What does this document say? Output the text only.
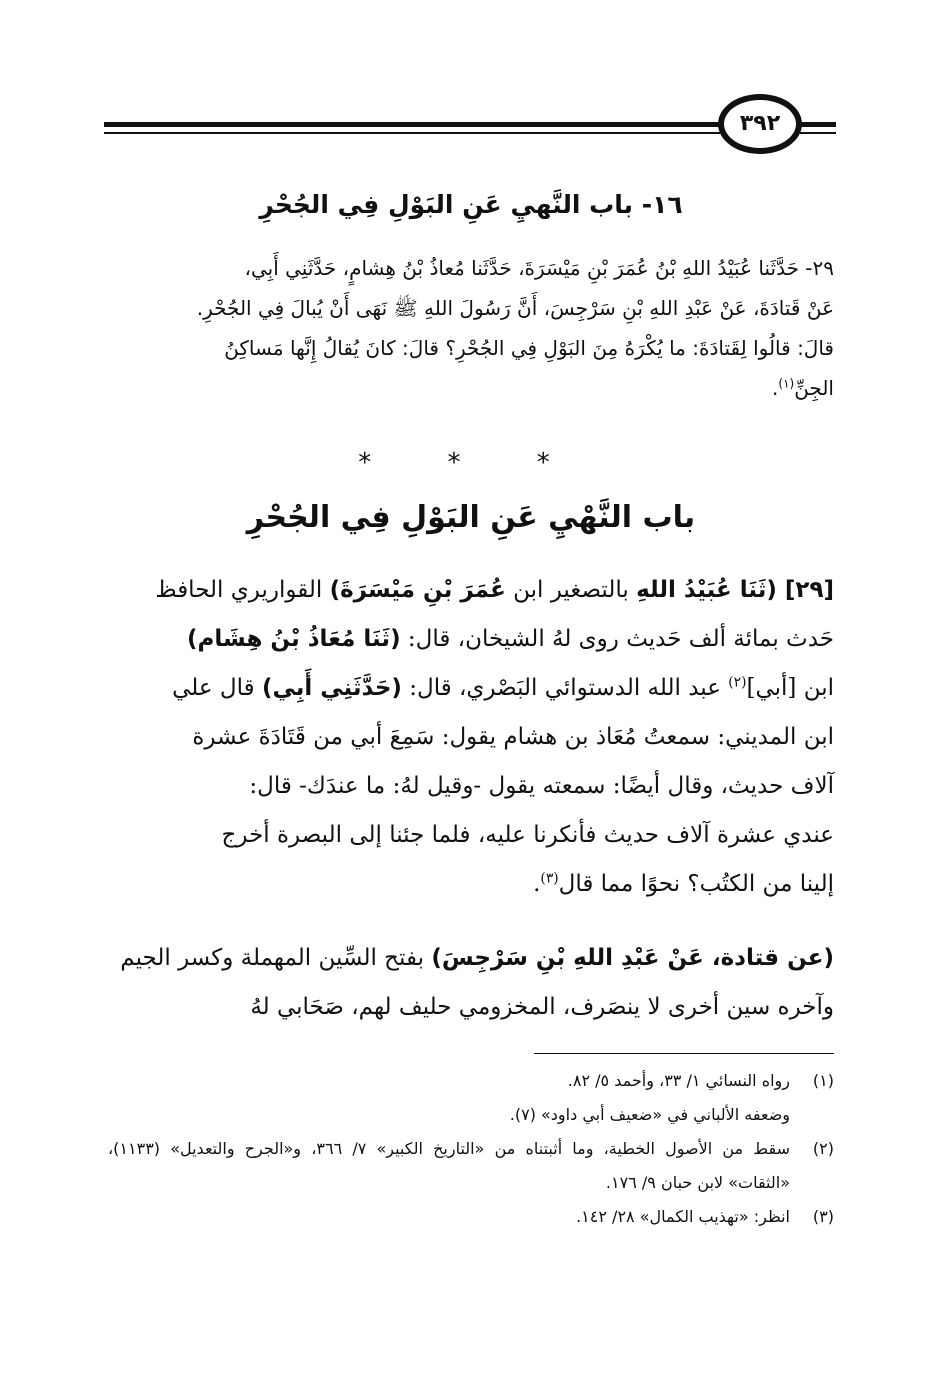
٣٩٢
١٦- باب النَّهيِ عَنِ البَوْلِ فِي الجُحْرِ
٢٩- حَدَّثَنا عُبَيْدُ اللهِ بْنُ عُمَرَ بْنِ مَيْسَرَةَ، حَدَّثَنا مُعاذُ بْنُ هِشامٍ، حَدَّثَنِي أَبِي،
عَنْ قَتادَةَ، عَنْ عَبْدِ اللهِ بْنِ سَرْجِسَ، أَنَّ رَسُولَ اللهِ ﷺ نَهَى أَنْ يُبالَ فِي الجُحْرِ.
قالَ: قالُوا لِقَتادَةَ: ما يُكْرَهُ مِنَ البَوْلِ فِي الجُحْرِ؟ قالَ: كانَ يُقالُ إِنَّها مَساكِنُ
الجِنِّ$^{(١)}$.
* * *
باب النَّهْيِ عَنِ البَوْلِ فِي الجُحْرِ
[٢٩] (ثَنَا عُبَيْدُ اللهِ بالتصغير ابن عُمَرَ بْنِ مَيْسَرَةَ) القواريري الحافظ
حَدث بمائة ألف حَديث روى لهُ الشيخان، قال: (ثَنَا مُعَاذُ بْنُ هِشَام)
ابن [أبي]$^{(٢)}$ عبد الله الدستوائي البَصْري، قال: (حَدَّثَنِي أَبِي) قال علي
ابن المديني: سمعتُ مُعَاذ بن هشام يقول: سَمِعَ أبي من قَتَادَةَ عشرة
آلاف حديث، وقال أيضًا: سمعته يقول -وقيل لهُ: ما عندَك- قال:
عندي عشرة آلاف حديث فأنكرنا عليه، فلما جئنا إلى البصرة أخرج
إلينا من الكتُب؟ نحوًا مما قال$^{(٣)}$.
(عن قتادة، عَنْ عَبْدِ اللهِ بْنِ سَرْجِسَ) بفتح السِّين المهملة وكسر الجيم
وآخره سين أخرى لا ينصَرف، المخزومي حليف لهم، صَحَابي لهُ
(١)
رواه النسائي ١/ ٣٣، وأحمد ٥/ ٨٢.
وضعفه الألباني في «ضعيف أبي داود» (٧).
(٢)
سقط من الأصول الخطية، وما أثبتناه من «التاريخ الكبير» ٧/ ٣٦٦، و«الجرح والتعديل» (١١٣٣)، «الثقات» لابن حبان ٩/ ١٧٦.
(٣)
انظر: «تهذيب الكمال» ٢٨/ ١٤٢.
